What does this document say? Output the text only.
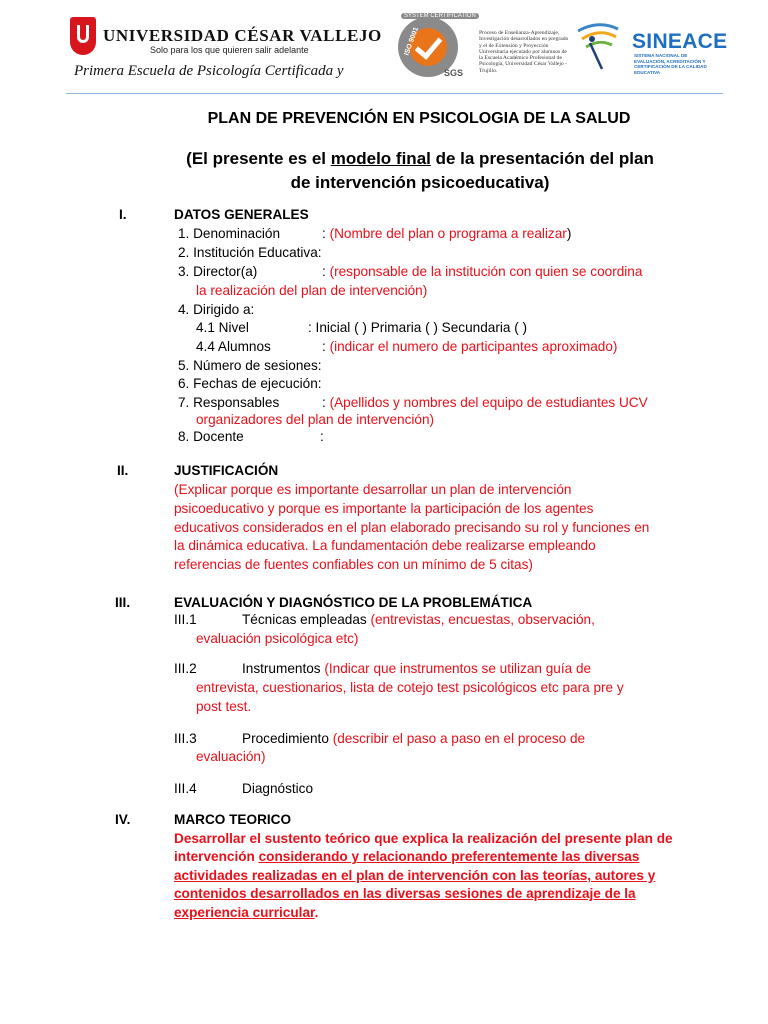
UNIVERSIDAD CÉSAR VALLEJO
Solo para los que quieren salir adelante
Primera Escuela de Psicología Certificada y
SYSTEM CERTIFICATION
ISO 9001
SGS
Proceso de Enseñanza-Aprendizaje, Investigación desarrollados en pregrado y el de Extensión y Proyección Universitaria ejecutado por alumnos de la Escuela Académico Profesional de Psicología, Universidad César Vallejo - Trujillo.
SINEACE
SISTEMA NACIONAL DE EVALUACIÓN, ACREDITACIÓN Y CERTIFICACIÓN DE LA CALIDAD EDUCATIVA
PLAN DE PREVENCIÓN EN PSICOLOGIA DE LA SALUD
(El presente es el modelo final de la presentación del plan
de intervención psicoeducativa)
I.	DATOS GENERALES
1. Denominación	: (Nombre del plan o programa a realizar)
2. Institución Educativa:
3. Director(a)	: (responsable de la institución con quien se coordina
la realización del plan de intervención)
4. Dirigido a:
4.1 Nivel	: Inicial ( ) Primaria ( ) Secundaria ( )
4.4 Alumnos	: (indicar el numero de participantes aproximado)
5. Número de sesiones:
6. Fechas de ejecución:
7. Responsables	: (Apellidos y nombres del equipo de estudiantes UCV
organizadores del plan de intervención)
8. Docente	:
II.	JUSTIFICACIÓN
(Explicar porque es importante desarrollar un plan de intervención
psicoeducativo y porque es importante la participación de los agentes
educativos considerados en el plan elaborado precisando su rol y funciones en
la dinámica educativa. La fundamentación debe realizarse empleando
referencias de fuentes confiables con un mínimo de 5 citas)
III.	EVALUACIÓN Y DIAGNÓSTICO DE LA PROBLEMÁTICA
III.1	Técnicas empleadas (entrevistas, encuestas, observación,
evaluación psicológica etc)
III.2	Instrumentos (Indicar que instrumentos se utilizan guía de
entrevista, cuestionarios, lista de cotejo test psicológicos etc para pre y
post test.
III.3	Procedimiento (describir el paso a paso en el proceso de
evaluación)
III.4	Diagnóstico
IV.	MARCO TEORICO
Desarrollar el sustento teórico que explica la realización del presente plan de intervención considerando y relacionando preferentemente las diversas actividades realizadas en el plan de intervención con las teorías, autores y contenidos desarrollados en las diversas sesiones de aprendizaje de la experiencia curricular.
